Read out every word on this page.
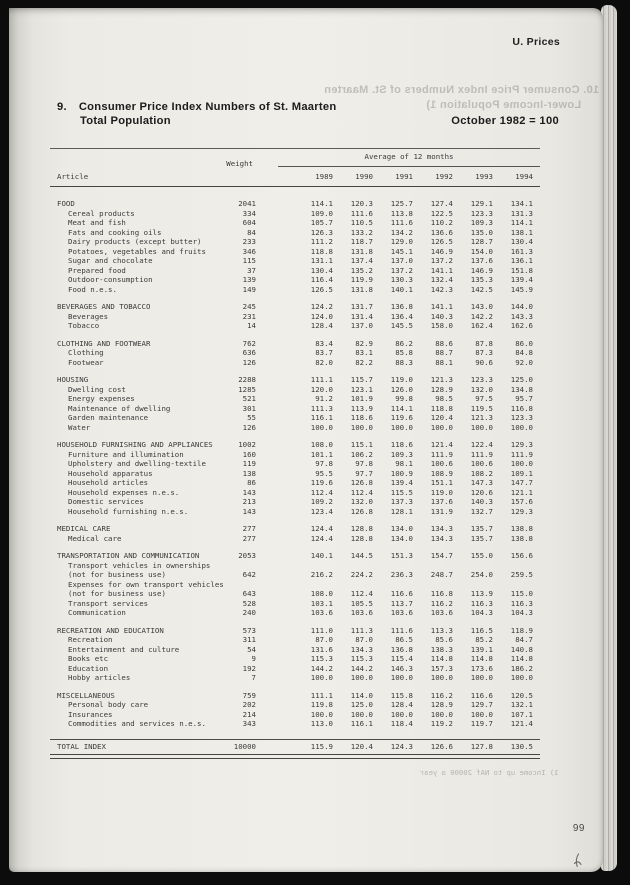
U. Prices
10. Consumer Price Index Numbers of St. Maarten
Lower-Income Population 1)
1) Income up to NAf 20000 a year
9. Consumer Price Index Numbers of St. Maarten
Total Population	October 1982 = 100
Average of 12 months
Weight
Article	1989	1990	1991	1992	1993	1994
FOOD	2041	114.1	120.3	125.7	127.4	129.1	134.1
Cereal products	334	109.0	111.6	113.8	122.5	123.3	131.3
Meat and fish	604	105.7	110.5	111.6	110.2	109.3	114.1
Fats and cooking oils	84	126.3	133.2	134.2	136.6	135.0	138.1
Dairy products (except butter)	233	111.2	118.7	129.0	126.5	128.7	130.4
Potatoes, vegetables and fruits	346	118.8	131.8	145.1	146.9	154.0	161.3
Sugar and chocolate	115	131.1	137.4	137.0	137.2	137.6	136.1
Prepared food	37	130.4	135.2	137.2	141.1	146.9	151.8
Outdoor-consumption	139	116.4	119.9	130.3	132.4	135.3	139.4
Food n.e.s.	149	126.5	131.8	140.1	142.3	142.5	145.9
BEVERAGES AND TOBACCO	245	124.2	131.7	136.8	141.1	143.0	144.0
Beverages	231	124.0	131.4	136.4	140.3	142.2	143.3
Tobacco	14	128.4	137.0	145.5	158.0	162.4	162.6
CLOTHING AND FOOTWEAR	762	83.4	82.9	86.2	88.6	87.8	86.0
Clothing	636	83.7	83.1	85.8	88.7	87.3	84.8
Footwear	126	82.0	82.2	88.3	88.1	90.6	92.0
HOUSING	2288	111.1	115.7	119.0	121.3	123.3	125.0
Dwelling cost	1285	120.0	123.1	126.0	128.9	132.0	134.8
Energy expenses	521	91.2	101.9	99.8	98.5	97.5	95.7
Maintenance of dwelling	301	111.3	113.9	114.1	118.8	119.5	116.8
Garden maintenance	55	116.1	118.6	119.6	120.4	121.3	123.3
Water	126	100.0	100.0	100.0	100.0	100.0	100.0
HOUSEHOLD FURNISHING AND APPLIANCES	1002	108.0	115.1	118.6	121.4	122.4	129.3
Furniture and illumination	160	101.1	106.2	109.3	111.9	111.9	111.9
Upholstery and dwelling-textile	119	97.8	97.8	98.1	100.6	100.6	100.0
Household apparatus	138	95.5	97.7	100.9	108.9	108.2	109.1
Household articles	86	119.6	126.8	139.4	151.1	147.3	147.7
Household expenses n.e.s.	143	112.4	112.4	115.5	119.0	120.6	121.1
Domestic services	213	109.2	132.0	137.3	137.6	140.3	157.6
Household furnishing n.e.s.	143	123.4	126.8	128.1	131.9	132.7	129.3
MEDICAL CARE	277	124.4	128.8	134.0	134.3	135.7	138.8
Medical care	277	124.4	128.8	134.0	134.3	135.7	138.8
TRANSPORTATION AND COMMUNICATION	2053	140.1	144.5	151.3	154.7	155.0	156.6
Transport vehicles in ownerships
(not for business use)	642	216.2	224.2	236.3	248.7	254.0	259.5
Expenses for own transport vehicles
(not for business use)	643	108.0	112.4	116.6	116.8	113.9	115.0
Transport services	528	103.1	105.5	113.7	116.2	116.3	116.3
Communication	240	103.6	103.6	103.6	103.6	104.3	104.3
RECREATION AND EDUCATION	573	111.0	111.3	111.6	113.3	116.5	118.9
Recreation	311	87.0	87.0	86.5	85.6	85.2	84.7
Entertainment and culture	54	131.6	134.3	136.8	138.3	139.1	140.8
Books etc	9	115.3	115.3	115.4	114.8	114.8	114.8
Education	192	144.2	144.2	146.3	157.3	173.6	186.2
Hobby articles	7	100.0	100.0	100.0	100.0	100.0	100.0
MISCELLANEOUS	759	111.1	114.0	115.8	116.2	116.6	120.5
Personal body care	202	119.8	125.0	128.4	128.9	129.7	132.1
Insurances	214	100.0	100.0	100.0	100.0	100.0	107.1
Commodities and services n.e.s.	343	113.0	116.1	118.4	119.2	119.7	121.4
TOTAL INDEX	10000	115.9	120.4	124.3	126.6	127.8	130.5
99
